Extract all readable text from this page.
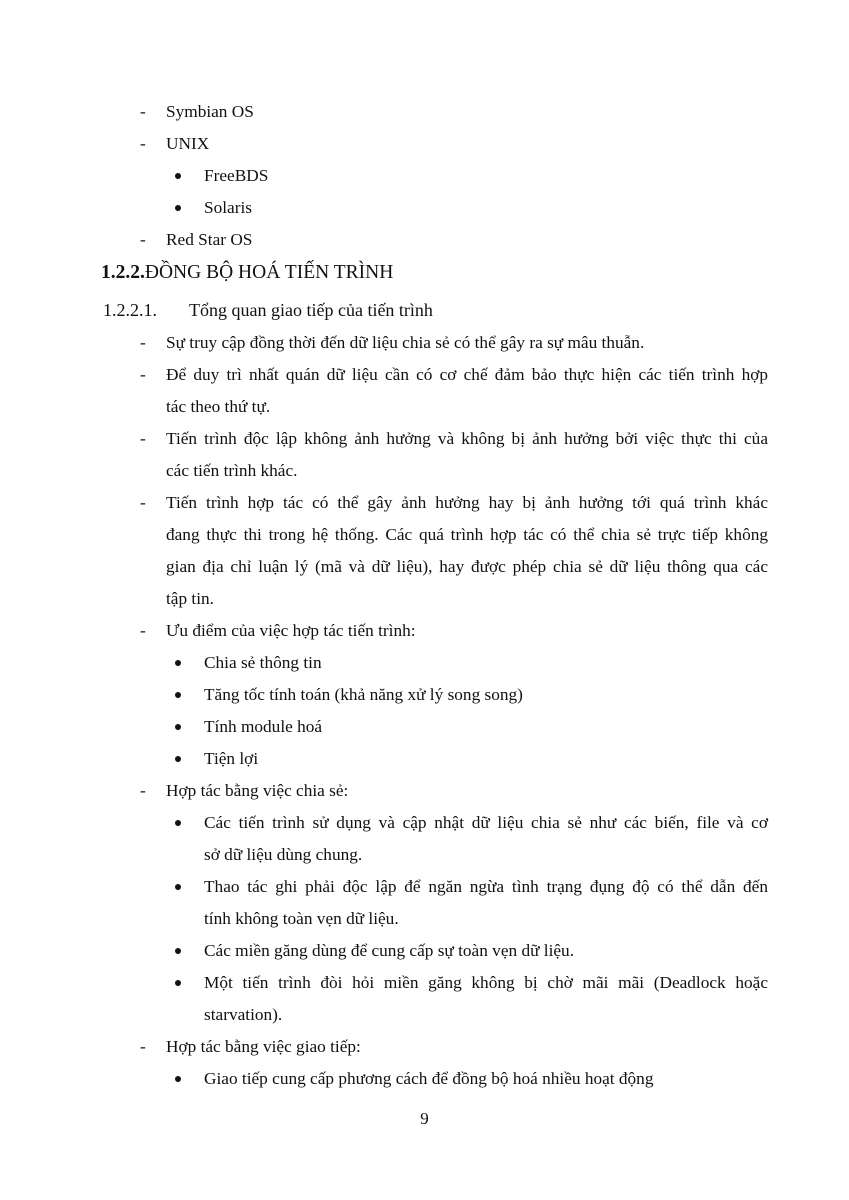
- Symbian OS
- UNIX
FreeBDS
Solaris
- Red Star OS
1.2.2.ĐỒNG BỘ HOÁ TIẾN TRÌNH
1.2.2.1. Tổng quan giao tiếp của tiến trình
- Sự truy cập đồng thời đến dữ liệu chia sẻ có thể gây ra sự mâu thuẫn.
- Để duy trì nhất quán dữ liệu cần có cơ chế đảm bảo thực hiện các tiến trình hợp
tác theo thứ tự.
- Tiến trình độc lập không ảnh hưởng và không bị ảnh hưởng bởi việc thực thi của
các tiến trình khác.
- Tiến trình hợp tác có thể gây ảnh hưởng hay bị ảnh hưởng tới quá trình khác
đang thực thi trong hệ thống. Các quá trình hợp tác có thể chia sẻ trực tiếp không
gian địa chỉ luận lý (mã và dữ liệu), hay được phép chia sẻ dữ liệu thông qua các
tập tin.
- Ưu điểm của việc hợp tác tiến trình:
Chia sẻ thông tin
Tăng tốc tính toán (khả năng xử lý song song)
Tính module hoá
Tiện lợi
- Hợp tác bằng việc chia sẻ:
Các tiến trình sử dụng và cập nhật dữ liệu chia sẻ như các biến, file và cơ
sở dữ liệu dùng chung.
Thao tác ghi phải độc lập để ngăn ngừa tình trạng đụng độ có thể dẫn đến
tính không toàn vẹn dữ liệu.
Các miền găng dùng để cung cấp sự toàn vẹn dữ liệu.
Một tiến trình đòi hỏi miền găng không bị chờ mãi mãi (Deadlock hoặc
starvation).
- Hợp tác bằng việc giao tiếp:
Giao tiếp cung cấp phương cách để đồng bộ hoá nhiều hoạt động
9
